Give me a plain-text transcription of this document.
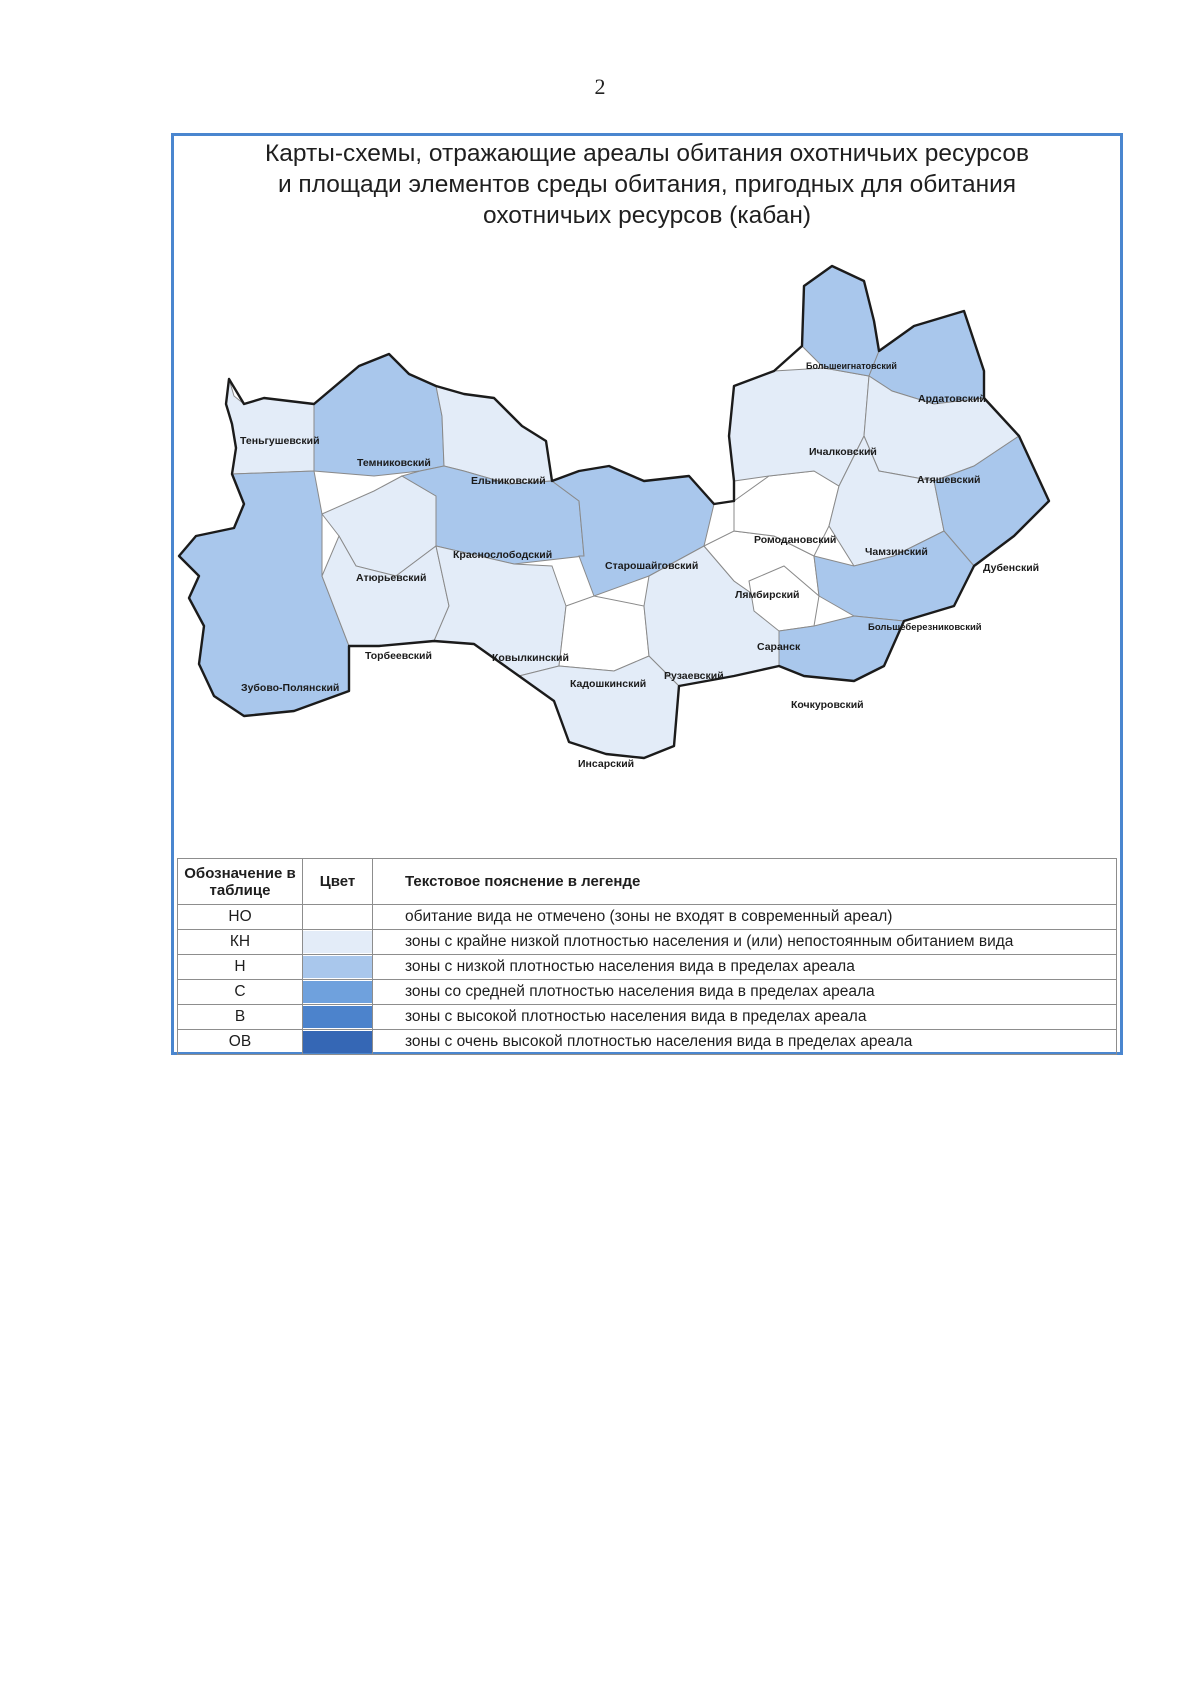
2
Карты-схемы, отражающие ареалы обитания охотничьих ресурсов
и площади элементов среды обитания, пригодных для обитания
охотничьих ресурсов (кабан)
Теньгушевский
Темниковский
Ельниковский
Атюрьевский
Краснослободский
Старошайговский
Торбеевский	Ковылкинский
Зубово-Полянский	Кадошкинский
Инсарский
Рузаевский
Лямбирский
Ромодановский
Саранск
Ичалковский
Большеигнатовский
Ардатовский
Атяшевский
Чамзинский
Дубенский
Большеберезниковский
Кочкуровский
Обозначение в таблице	Цвет	Текстовое пояснение в легенде
НО		обитание вида не отмечено (зоны не входят в современный ареал)
КН		зоны с крайне низкой плотностью населения и (или) непостоянным обитанием вида
Н		зоны с низкой плотностью населения вида в пределах ареала
С		зоны со средней плотностью населения вида в пределах ареала
В		зоны с высокой плотностью населения вида в пределах ареала
ОВ		зоны с очень высокой плотностью населения вида в пределах ареала
